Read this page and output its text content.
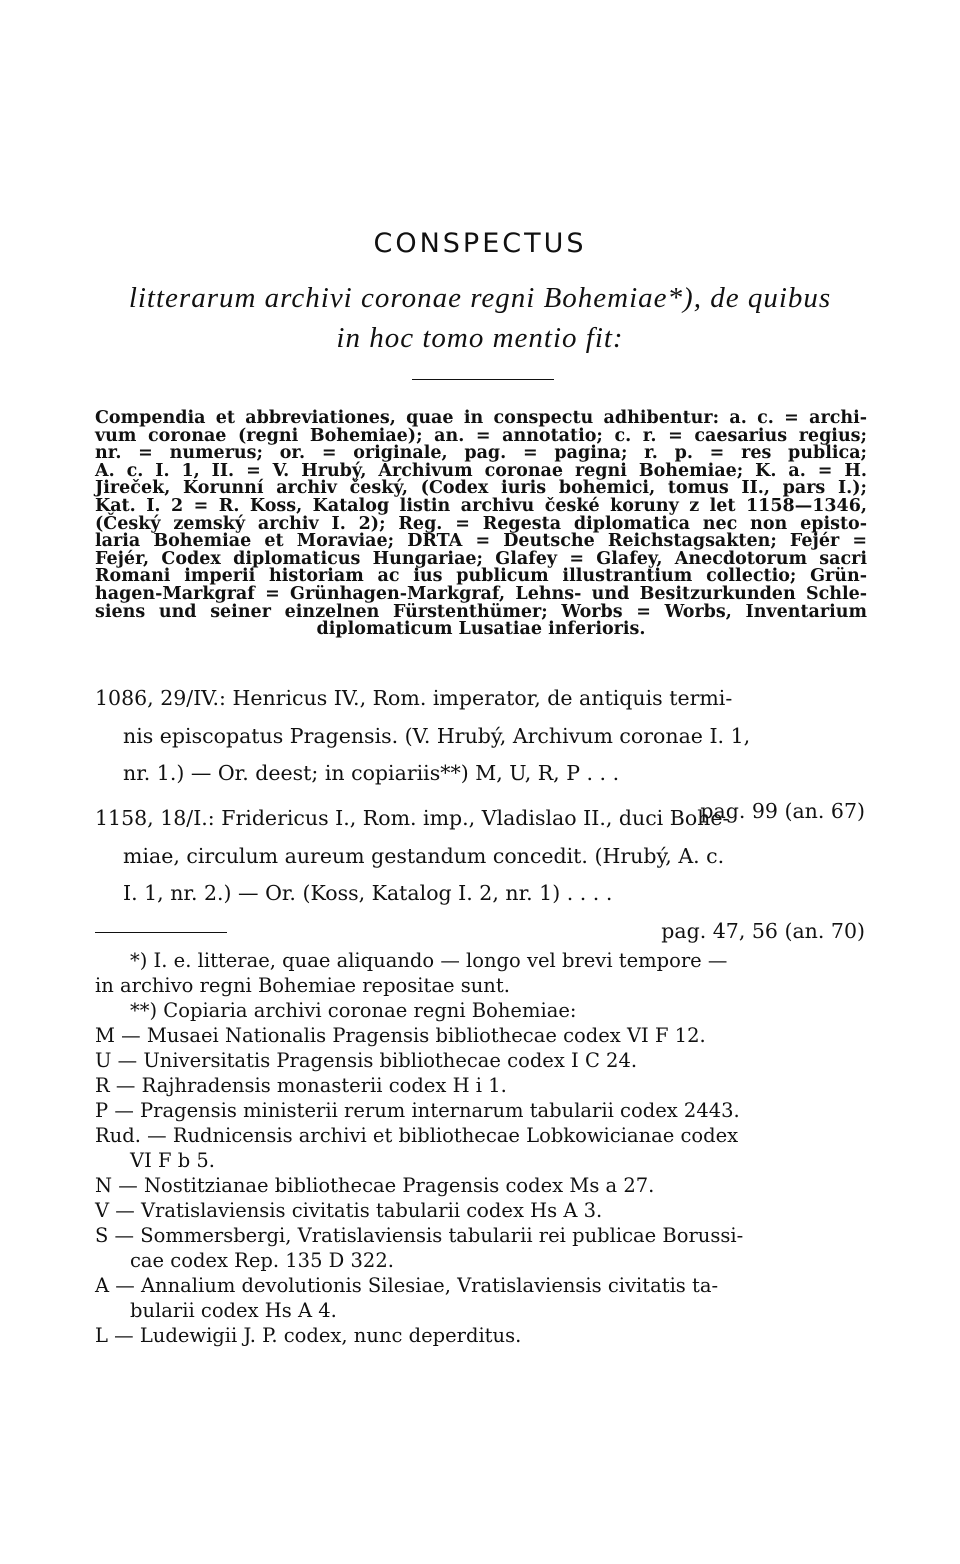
CONSPECTUS
litterarum archivi coronae regni Bohemiae*), de quibus
in hoc tomo mentio fit:
Compendia et abbreviationes, quae in conspectu adhibentur: a. c. = archi-
vum coronae (regni Bohemiae); an. = annotatio; c. r. = caesarius regius;
nr. = numerus; or. = originale, pag. = pagina; r. p. = res publica;
A. c. I. 1, II. = V. Hrubý, Archivum coronae regni Bohemiae; K. a. = H.
Jireček, Korunní archiv český, (Codex iuris bohemici, tomus II., pars I.);
Kat. I. 2 = R. Koss, Katalog listin archivu české koruny z let 1158—1346,
(Český zemský archiv I. 2); Reg. = Regesta diplomatica nec non episto-
laria Bohemiae et Moraviae; DRTA = Deutsche Reichstagsakten; Fejér =
Fejér, Codex diplomaticus Hungariae; Glafey = Glafey, Anecdotorum sacri
Romani imperii historiam ac ius publicum illustrantium collectio; Grün-
hagen-Markgraf = Grünhagen-Markgraf, Lehns- und Besitzurkunden Schle-
siens und seiner einzelnen Fürstenthümer; Worbs = Worbs, Inventarium
diplomaticum Lusatiae inferioris.
1086, 29/IV.: Henricus IV., Rom. imperator, de antiquis termi-
nis episcopatus Pragensis. (V. Hrubý, Archivum coronae I. 1,
nr. 1.) — Or. deest; in copiariis**) M, U, R, P . . .
pag. 99 (an. 67)
1158, 18/I.: Fridericus I., Rom. imp., Vladislao II., duci Bohe-
miae, circulum aureum gestandum concedit. (Hrubý, A. c.
I. 1, nr. 2.) — Or. (Koss, Katalog I. 2, nr. 1) . . . .
pag. 47, 56 (an. 70)
*) I. e. litterae, quae aliquando — longo vel brevi tempore —
in archivo regni Bohemiae repositae sunt.
**) Copiaria archivi coronae regni Bohemiae:
M — Musaei Nationalis Pragensis bibliothecae codex VI F 12.
U — Universitatis Pragensis bibliothecae codex I C 24.
R — Rajhradensis monasterii codex H i 1.
P — Pragensis ministerii rerum internarum tabularii codex 2443.
Rud. — Rudnicensis archivi et bibliothecae Lobkowicianae codex
VI F b 5.
N — Nostitzianae bibliothecae Pragensis codex Ms a 27.
V — Vratislaviensis civitatis tabularii codex Hs A 3.
S — Sommersbergi, Vratislaviensis tabularii rei publicae Borussi-
cae codex Rep. 135 D 322.
A — Annalium devolutionis Silesiae, Vratislaviensis civitatis ta-
bularii codex Hs A 4.
L — Ludewigii J. P. codex, nunc deperditus.
